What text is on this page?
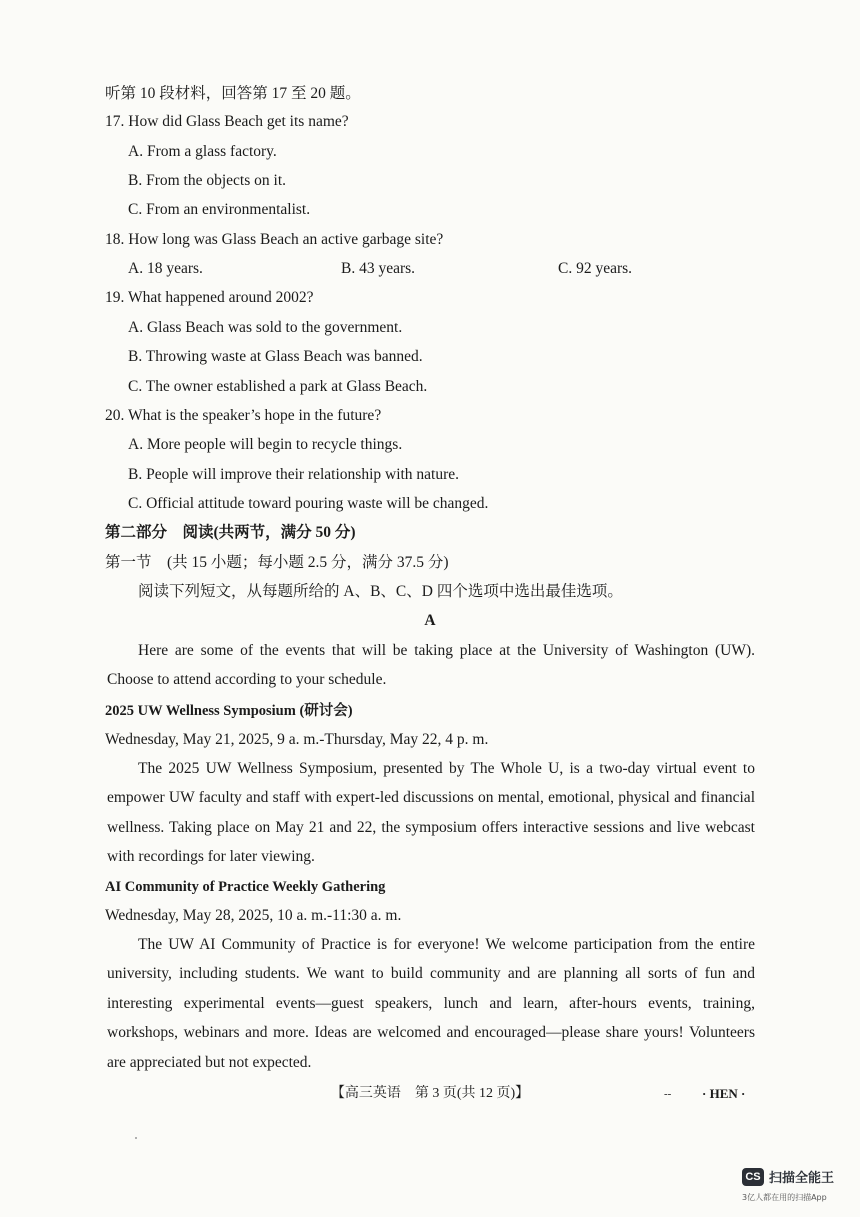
听第 10 段材料，回答第 17 至 20 题。
17. How did Glass Beach get its name?
A. From a glass factory.
B. From the objects on it.
C. From an environmentalist.
18. How long was Glass Beach an active garbage site?
A. 18 years.	B. 43 years.	C. 92 years.
19. What happened around 2002?
A. Glass Beach was sold to the government.
B. Throwing waste at Glass Beach was banned.
C. The owner established a park at Glass Beach.
20. What is the speaker’s hope in the future?
A. More people will begin to recycle things.
B. People will improve their relationship with nature.
C. Official attitude toward pouring waste will be changed.
第二部分　阅读(共两节，满分 50 分)
第一节　(共 15 小题；每小题 2.5 分，满分 37.5 分)
阅读下列短文，从每题所给的 A、B、C、D 四个选项中选出最佳选项。
A
Here are some of the events that will be taking place at the University of Washington (UW). Choose to attend according to your schedule.
2025 UW Wellness Symposium (研讨会)
Wednesday, May 21, 2025, 9 a. m.-Thursday, May 22, 4 p. m.
The 2025 UW Wellness Symposium, presented by The Whole U, is a two-day virtual event to empower UW faculty and staff with expert-led discussions on mental, emotional, physical and financial wellness. Taking place on May 21 and 22, the symposium offers interactive sessions and live webcast with recordings for later viewing.
AI Community of Practice Weekly Gathering
Wednesday, May 28, 2025, 10 a. m.-11:30 a. m.
The UW AI Community of Practice is for everyone! We welcome participation from the entire university, including students. We want to build community and are planning all sorts of fun and interesting experimental events—guest speakers, lunch and learn, after-hours events, training, workshops, webinars and more. Ideas are welcomed and encouraged—please share yours! Volunteers are appreciated but not expected.
【高三英语　第 3 页(共 12 页)】	-- · HEN ·
CS 扫描全能王
3亿人都在用的扫描App
